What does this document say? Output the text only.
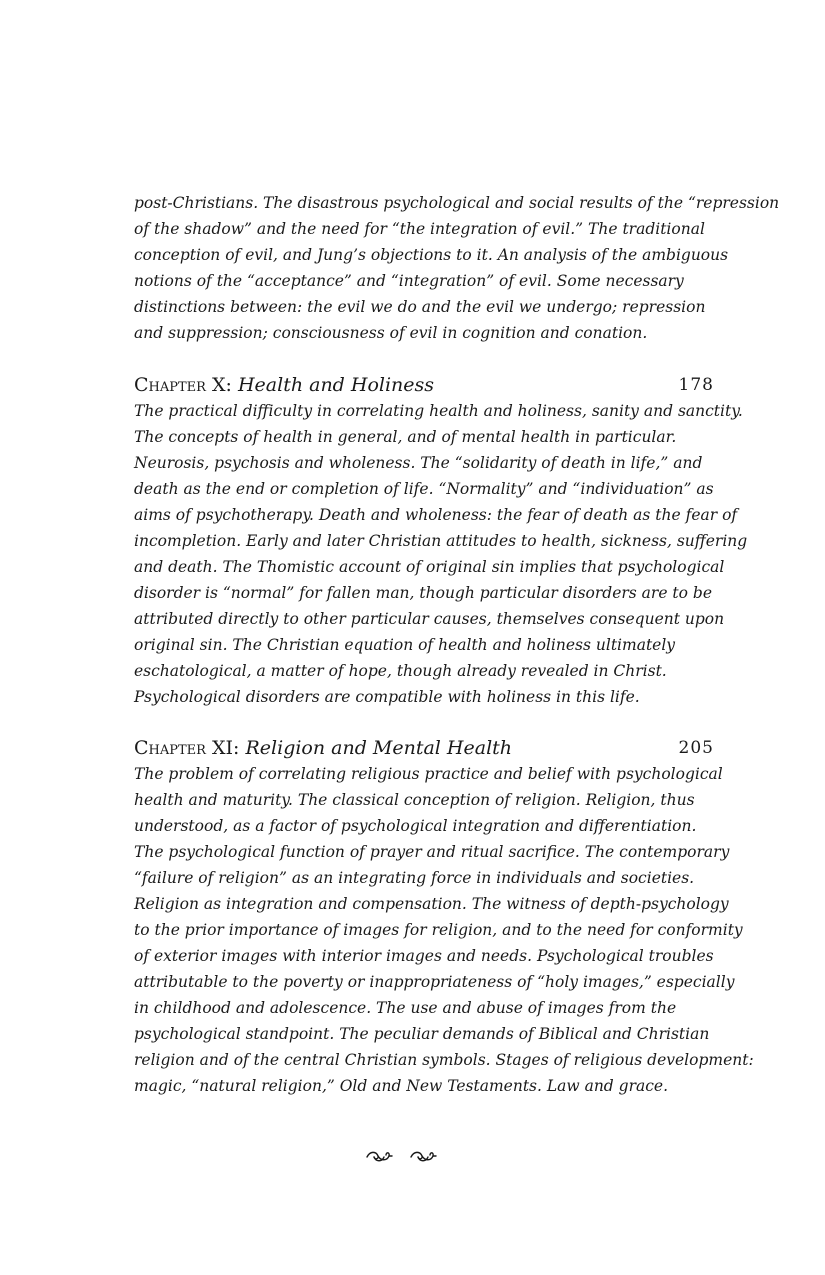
post-Christians. The disastrous psychological and social results of the “repression
of the shadow” and the need for “the integration of evil.” The traditional
conception of evil, and Jung’s objections to it. An analysis of the ambiguous
notions of the “acceptance” and “integration” of evil. Some necessary
distinctions between: the evil we do and the evil we undergo; repression
and suppression; consciousness of evil in cognition and conation.

Chapter X: Health and Holiness	178

The practical difficulty in correlating health and holiness, sanity and sanctity.
The concepts of health in general, and of mental health in particular.
Neurosis, psychosis and wholeness. The “solidarity of death in life,” and
death as the end or completion of life. “Normality” and “individuation” as
aims of psychotherapy. Death and wholeness: the fear of death as the fear of
incompletion. Early and later Christian attitudes to health, sickness, suffering
and death. The Thomistic account of original sin implies that psychological
disorder is “normal” for fallen man, though particular disorders are to be
attributed directly to other particular causes, themselves consequent upon
original sin. The Christian equation of health and holiness ultimately
eschatological, a matter of hope, though already revealed in Christ.
Psychological disorders are compatible with holiness in this life.

Chapter XI: Religion and Mental Health	205

The problem of correlating religious practice and belief with psychological
health and maturity. The classical conception of religion. Religion, thus
understood, as a factor of psychological integration and differentiation.
The psychological function of prayer and ritual sacrifice. The contemporary
“failure of religion” as an integrating force in individuals and societies.
Religion as integration and compensation. The witness of depth-psychology
to the prior importance of images for religion, and to the need for conformity
of exterior images with interior images and needs. Psychological troubles
attributable to the poverty or inappropriateness of “holy images,” especially
in childhood and adolescence. The use and abuse of images from the
psychological standpoint. The peculiar demands of Biblical and Christian
religion and of the central Christian symbols. Stages of religious development:
magic, “natural religion,” Old and New Testaments. Law and grace.
